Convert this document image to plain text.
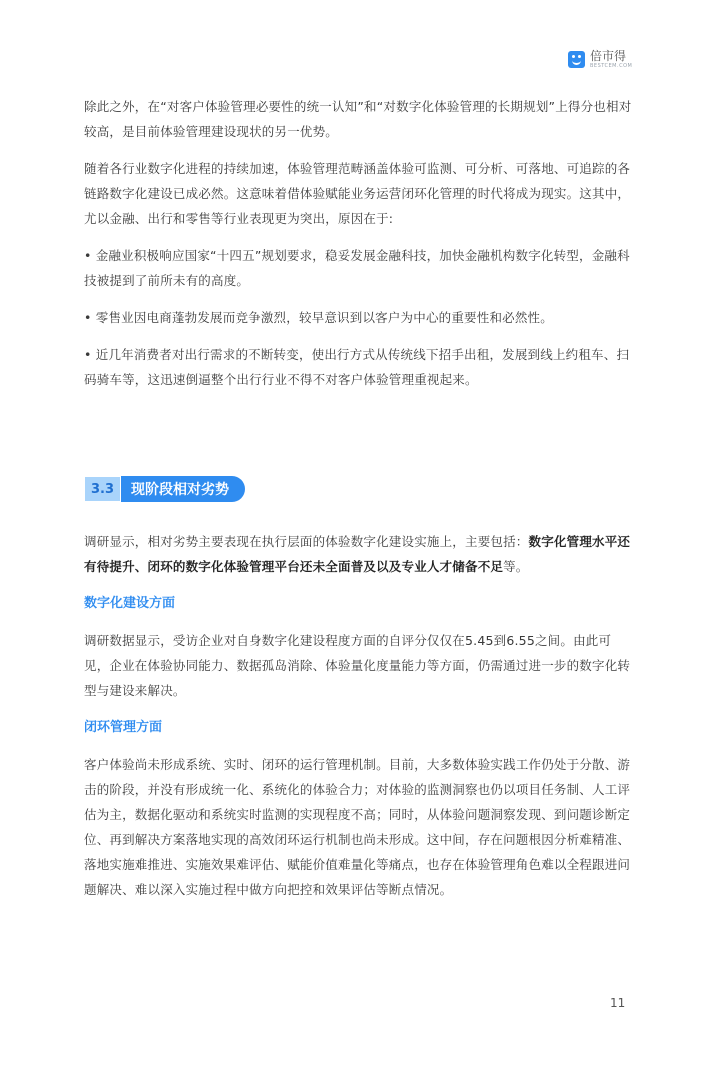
倍市得
BESTCEM.COM

除此之外，在“对客户体验管理必要性的统一认知”和“对数字化体验管理的长期规划”上得分也相对较高，是目前体验管理建设现状的另一优势。

随着各行业数字化进程的持续加速，体验管理范畴涵盖体验可监测、可分析、可落地、可追踪的各链路数字化建设已成必然。这意味着借体验赋能业务运营闭环化管理的时代将成为现实。这其中，尤以金融、出行和零售等行业表现更为突出，原因在于:

• 金融业积极响应国家“十四五”规划要求，稳妥发展金融科技，加快金融机构数字化转型，金融科技被提到了前所未有的高度。

• 零售业因电商蓬勃发展而竞争激烈，较早意识到以客户为中心的重要性和必然性。

• 近几年消费者对出行需求的不断转变，使出行方式从传统线下招手出租，发展到线上约租车、扫码骑车等，这迅速倒逼整个出行行业不得不对客户体验管理重视起来。

3.3	现阶段相对劣势

调研显示，相对劣势主要表现在执行层面的体验数字化建设实施上，主要包括：数字化管理水平还有待提升、闭环的数字化体验管理平台还未全面普及以及专业人才储备不足等。

数字化建设方面

调研数据显示，受访企业对自身数字化建设程度方面的自评分仅仅在5.45到6.55之间。由此可见，企业在体验协同能力、数据孤岛消除、体验量化度量能力等方面，仍需通过进一步的数字化转型与建设来解决。

闭环管理方面

客户体验尚未形成系统、实时、闭环的运行管理机制。目前，大多数体验实践工作仍处于分散、游击的阶段，并没有形成统一化、系统化的体验合力；对体验的监测洞察也仍以项目任务制、人工评估为主，数据化驱动和系统实时监测的实现程度不高；同时，从体验问题洞察发现、到问题诊断定位、再到解决方案落地实现的高效闭环运行机制也尚未形成。这中间，存在问题根因分析难精准、落地实施难推进、实施效果难评估、赋能价值难量化等痛点，也存在体验管理角色难以全程跟进问题解决、难以深入实施过程中做方向把控和效果评估等断点情况。

11
